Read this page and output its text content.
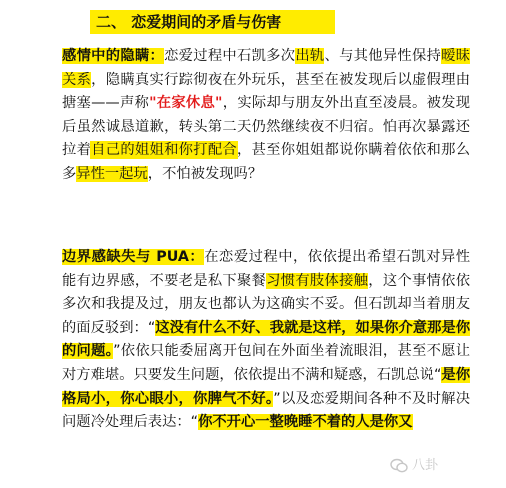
二、 恋爱期间的矛盾与伤害
感情中的隐瞒：恋爱过程中石凯多次出轨、与其他异性保持暧昧关系，隐瞒真实行踪彻夜在外玩乐，甚至在被发现后以虚假理由搪塞——声称"在家休息"，实际却与朋友外出直至凌晨。被发现后虽然诚恳道歉，转头第二天仍然继续夜不归宿。怕再次暴露还拉着自己的姐姐和你打配合，甚至你姐姐都说你瞒着依依和那么多异性一起玩，不怕被发现吗？
边界感缺失与 PUA：在恋爱过程中，依依提出希望石凯对异性能有边界感，不要老是私下聚餐习惯有肢体接触，这个事情依依多次和我提及过，朋友也都认为这确实不妥。但石凯却当着朋友的面反驳到：“这没有什么不好、我就是这样，如果你介意那是你的问题。”依依只能委屈离开包间在外面坐着流眼泪，甚至不愿让对方难堪。只要发生问题，依依提出不满和疑惑，石凯总说“是你格局小，你心眼小，你脾气不好。”以及恋爱期间各种不及时解决问题冷处理后表达：“你不开心一整晚睡不着的人是你又
八卦
